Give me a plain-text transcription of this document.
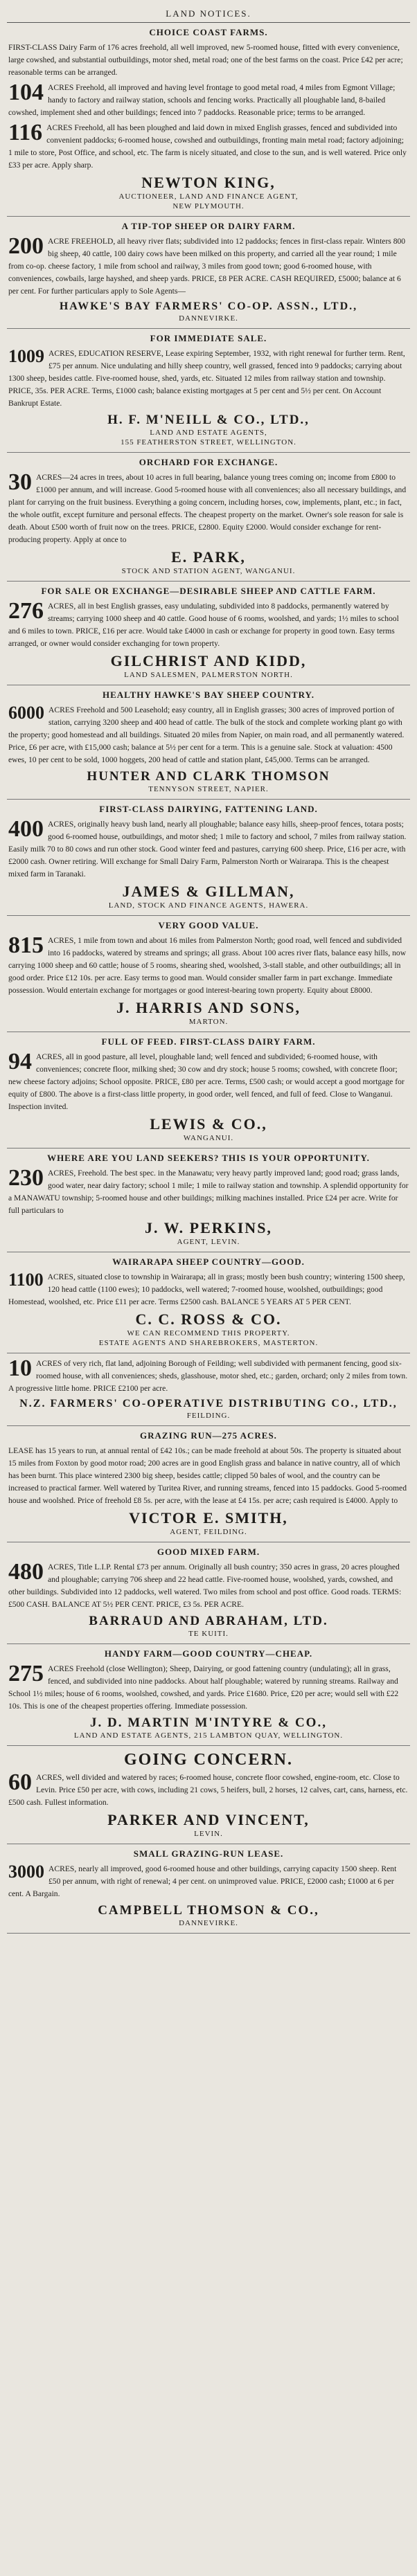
LAND NOTICES.
CHOICE COAST FARMS.
FIRST-CLASS Dairy Farm of 176 acres freehold, all well improved, new 5-roomed house, fitted with every convenience, large cowshed, and substantial outbuildings, motor shed, metal road; one of the best farms on the coast. Price £42 per acre; reasonable terms can be arranged.
104 ACRES Freehold, all improved and having level frontage to good metal road, 4 miles from Egmont Village; handy to factory and railway station, schools and fencing works. Practically all ploughable land, 8-bailed cowshed, implement shed and other buildings; fenced into 7 paddocks. Reasonable price; terms to be arranged.
116 ACRES Freehold, all has been ploughed and laid down in mixed English grasses, fenced and subdivided into convenient paddocks; 6-roomed house, cowshed and outbuildings, fronting main metal road; factory adjoining; 1 mile to store, Post Office, and school, etc. The farm is nicely situated, and close to the sun, and is well watered. Price only £33 per acre. Apply sharp.
NEWTON KING,
AUCTIONEER, LAND AND FINANCE AGENT,
NEW PLYMOUTH.
A TIP-TOP SHEEP OR DAIRY FARM.
200 ACRE FREEHOLD, all heavy river flats; subdivided into 12 paddocks; fences in first-class repair. Winters 800 big sheep, 40 cattle, 100 dairy cows have been milked on this property, and carried all the year round; 1 mile from co-op. cheese factory, 1 mile from school and railway, 3 miles from good town; good 6-roomed house, with conveniences, cowbails, large hayshed, and sheep yards. PRICE, £8 PER ACRE. CASH REQUIRED, £5000; balance at 6 per cent. For further particulars apply to Sole Agents—
HAWKE'S BAY FARMERS' CO-OP. ASSN., LTD.,
DANNEVIRKE.
FOR IMMEDIATE SALE.
1009 ACRES, EDUCATION RESERVE, Lease expiring September, 1932, with right renewal for further term. Rent, £75 per annum. Nice undulating and hilly sheep country, well grassed, fenced into 9 paddocks; carrying about 1300 sheep, besides cattle. Five-roomed house, shed, yards, etc. Situated 12 miles from railway station and township. PRICE, 35s. PER ACRE. Terms, £1000 cash; balance existing mortgages at 5 per cent and 5½ per cent. On Account Bankrupt Estate.
H. F. M'NEILL & CO., LTD.,
LAND AND ESTATE AGENTS,
155 FEATHERSTON STREET, WELLINGTON.
ORCHARD FOR EXCHANGE.
30 ACRES—24 acres in trees, about 10 acres in full bearing, balance young trees coming on; income from £800 to £1000 per annum, and will increase. Good 5-roomed house with all conveniences; also all necessary buildings, and plant for carrying on the fruit business. Everything a going concern, including horses, cow, implements, plant, etc.; in fact, the whole outfit, except furniture and personal effects. The cheapest property on the market. Owner's sole reason for sale is death. About £500 worth of fruit now on the trees. PRICE, £2800. Equity £2000. Would consider exchange for rent-producing property. Apply at once to
E. PARK,
STOCK AND STATION AGENT, WANGANUI.
FOR SALE OR EXCHANGE—DESIRABLE SHEEP AND CATTLE FARM.
276 ACRES, all in best English grasses, easy undulating, subdivided into 8 paddocks, permanently watered by streams; carrying 1000 sheep and 40 cattle. Good house of 6 rooms, woolshed, and yards; 1½ miles to school and 6 miles to town. PRICE, £16 per acre. Would take £4000 in cash or exchange for property in good town. Easy terms arranged, or owner would consider exchanging for town property.
GILCHRIST AND KIDD,
LAND SALESMEN, PALMERSTON NORTH.
HEALTHY HAWKE'S BAY SHEEP COUNTRY.
6000 ACRES Freehold and 500 Leasehold; easy country, all in English grasses; 300 acres of improved portion of station, carrying 3200 sheep and 400 head of cattle. The bulk of the stock and complete working plant go with the property; good homestead and all buildings. Situated 20 miles from Napier, on main road, and all permanently watered. Price, £6 per acre, with £15,000 cash; balance at 5½ per cent for a term. This is a genuine sale. Stock at valuation: 4500 ewes, 10 per cent to be sold, 1000 hoggets, 200 head of cattle and station plant, £45,000. Terms can be arranged.
HUNTER AND CLARK THOMSON
TENNYSON STREET, NAPIER.
FIRST-CLASS DAIRYING, FATTENING LAND.
400 ACRES, originally heavy bush land, nearly all ploughable; balance easy hills, sheep-proof fences, totara posts; good 6-roomed house, outbuildings, and motor shed; 1 mile to factory and school, 7 miles from railway station. Easily milk 70 to 80 cows and run other stock. Good winter feed and pastures, carrying 600 sheep. Price, £16 per acre, with £2000 cash. Owner retiring. Will exchange for Small Dairy Farm, Palmerston North or Wairarapa. This is the cheapest mixed farm in Taranaki.
JAMES & GILLMAN,
LAND, STOCK AND FINANCE AGENTS, HAWERA.
VERY GOOD VALUE.
815 ACRES, 1 mile from town and about 16 miles from Palmerston North; good road, well fenced and subdivided into 16 paddocks, watered by streams and springs; all grass. About 100 acres river flats, balance easy hills, now carrying 1000 sheep and 60 cattle; house of 5 rooms, shearing shed, woolshed, 3-stall stable, and other outbuildings; all in good order. Price £12 10s. per acre. Easy terms to good man. Would consider smaller farm in part exchange. Immediate possession. Would entertain exchange for mortgages or good interest-bearing town property. Equity about £8000.
J. HARRIS AND SONS,
MARTON.
FULL OF FEED. FIRST-CLASS DAIRY FARM.
94 ACRES, all in good pasture, all level, ploughable land; well fenced and subdivided; 6-roomed house, with conveniences; concrete floor, milking shed; 30 cow and dry stock; house 5 rooms; cowshed, with concrete floor; new cheese factory adjoins; School opposite. PRICE, £80 per acre. Terms, £500 cash; or would accept a good mortgage for equity of £800. The above is a first-class little property, in good order, well fenced, and full of feed. Close to Wanganui. Inspection invited.
LEWIS & CO.,
WANGANUI.
WHERE ARE YOU LAND SEEKERS? THIS IS YOUR OPPORTUNITY.
230 ACRES, Freehold. The best spec. in the Manawatu; very heavy partly improved land; good road; grass lands, good water, near dairy factory; school 1 mile; 1 mile to railway station and township. A splendid opportunity for a MANAWATU township; 5-roomed house and other buildings; milking machines installed. Price £24 per acre. Write for full particulars to
J. W. PERKINS,
AGENT, LEVIN.
WAIRARAPA SHEEP COUNTRY—GOOD.
1100 ACRES, situated close to township in Wairarapa; all in grass; mostly been bush country; wintering 1500 sheep, 120 head cattle (1100 ewes); 10 paddocks, well watered; 7-roomed house, woolshed, outbuildings; good Homestead, woolshed, etc. Price £11 per acre. Terms £2500 cash. BALANCE 5 YEARS AT 5 PER CENT.
C. C. ROSS & CO.
WE CAN RECOMMEND THIS PROPERTY.
ESTATE AGENTS AND SHAREBROKERS, MASTERTON.
10 ACRES of very rich, flat land, adjoining Borough of Feilding; well subdivided with permanent fencing, good six-roomed house, with all conveniences; sheds, glasshouse, motor shed, etc.; garden, orchard; only 2 miles from town. A progressive little home. PRICE £2100 per acre.
N.Z. FARMERS' CO-OPERATIVE DISTRIBUTING CO., LTD.,
FEILDING.
GRAZING RUN—275 ACRES.
LEASE has 15 years to run, at annual rental of £42 10s.; can be made freehold at about 50s. The property is situated about 15 miles from Foxton by good motor road; 200 acres are in good English grass and balance in native country, all of which has been burnt. This place wintered 2300 big sheep, besides cattle; clipped 50 bales of wool, and the country can be increased to practical farmer. Well watered by Turitea River, and running streams, fenced into 15 paddocks. Good 5-roomed house and woolshed. Price of freehold £8 5s. per acre, with the lease at £4 15s. per acre; cash required is £4000. Apply to
VICTOR E. SMITH,
AGENT, FEILDING.
GOOD MIXED FARM.
480 ACRES, Title L.I.P. Rental £73 per annum. Originally all bush country; 350 acres in grass, 20 acres ploughed and ploughable; carrying 706 sheep and 22 head cattle. Five-roomed house, woolshed, yards, cowshed, and other buildings. Subdivided into 12 paddocks, well watered. Two miles from school and post office. Good roads. TERMS: £500 CASH. BALANCE AT 5½ PER CENT. PRICE, £3 5s. PER ACRE.
BARRAUD AND ABRAHAM, LTD.
TE KUITI.
HANDY FARM—GOOD COUNTRY—CHEAP.
275 ACRES Freehold (close Wellington); Sheep, Dairying, or good fattening country (undulating); all in grass, fenced, and subdivided into nine paddocks. About half ploughable; watered by running streams. Railway and School 1½ miles; house of 6 rooms, woolshed, cowshed, and yards. Price £1680. Price, £20 per acre; would sell with £22 10s. This is one of the cheapest properties offering. Immediate possession.
J. D. MARTIN M'INTYRE & CO.,
LAND AND ESTATE AGENTS, 215 LAMBTON QUAY, WELLINGTON.
GOING CONCERN.
60 ACRES, well divided and watered by races; 6-roomed house, concrete floor cowshed, engine-room, etc. Close to Levin. Price £50 per acre, with cows, including 21 cows, 5 heifers, bull, 2 horses, 12 calves, cart, cans, harness, etc. £500 cash. Fullest information.
PARKER AND VINCENT,
LEVIN.
SMALL GRAZING-RUN LEASE.
3000 ACRES, nearly all improved, good 6-roomed house and other buildings, carrying capacity 1500 sheep. Rent £50 per annum, with right of renewal; 4 per cent. on unimproved value. PRICE, £2000 cash; £1000 at 6 per cent. A Bargain.
CAMPBELL THOMSON & CO.,
DANNEVIRKE.
